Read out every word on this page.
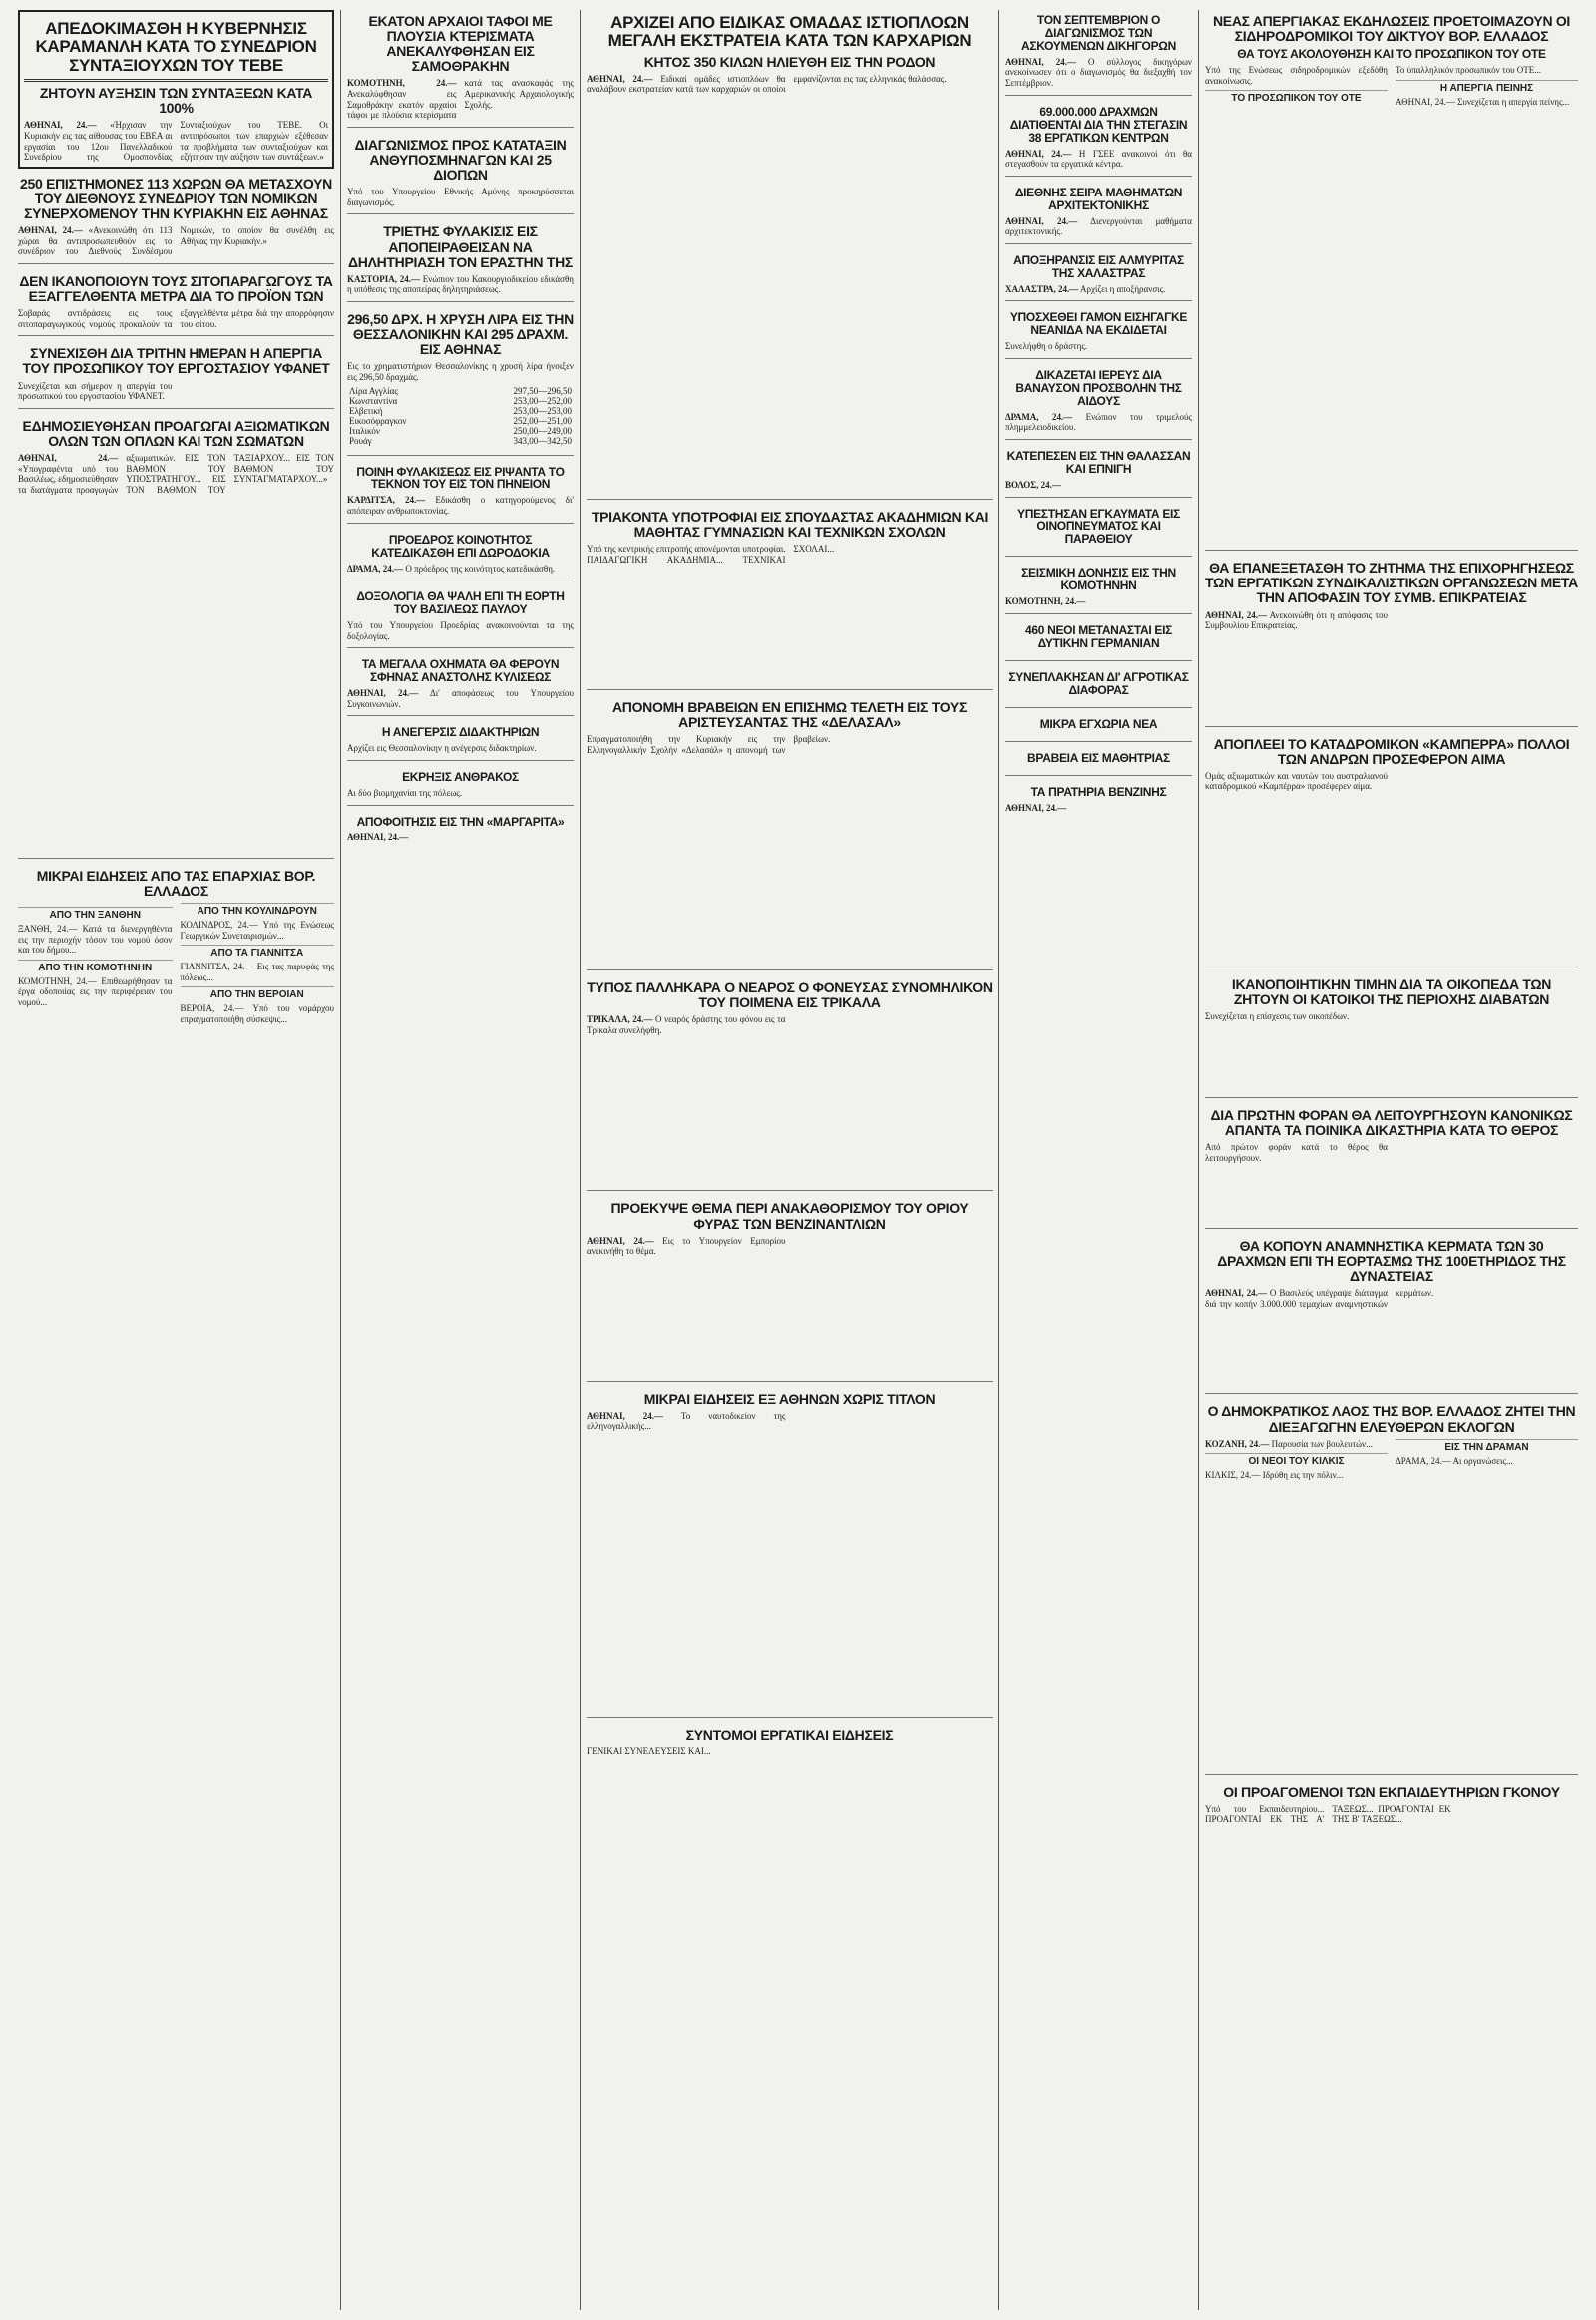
ΑΠΕΔΟΚΙΜΑΣΘΗ Η ΚΥΒΕΡΝΗΣΙΣ ΚΑΡΑΜΑΝΛΗ ΚΑΤΑ ΤΟ ΣΥΝΕΔΡΙΟΝ ΣΥΝΤΑΞΙΟΥΧΩΝ ΤΟΥ ΤΕΒΕ
ΖΗΤΟΥΝ ΑΥΞΗΣΙΝ ΤΩΝ ΣΥΝΤΑΞΕΩΝ ΚΑΤΑ 100%
ΑΘΗΝΑΙ, 24.— «Ήρχισαν την Κυριακήν εις τας αίθουσας του ΕΒΕΑ αι εργασίαι του 12ου Πανελλαδικού Συνεδρίου της Ομοσπονδίας Συνταξιούχων του ΤΕΒΕ. Οι αντιπρόσωποι των επαρχιών εξέθεσαν τα προβλήματα των συνταξιούχων και εζήτησαν την αύξησιν των συντάξεων.»
250 ΕΠΙΣΤΗΜΟΝΕΣ 113 ΧΩΡΩΝ ΘΑ ΜΕΤΑΣΧΟΥΝ ΤΟΥ ΔΙΕΘΝΟΥΣ ΣΥΝΕΔΡΙΟΥ ΤΩΝ ΝΟΜΙΚΩΝ ΣΥΝΕΡΧΟΜΕΝΟΥ ΤΗΝ ΚΥΡΙΑΚΗΝ ΕΙΣ ΑΘΗΝΑΣ
ΑΘΗΝΑΙ, 24.— «Ανεκοινώθη ότι 113 χώραι θα αντιπροσωπευθούν εις το συνέδριον του Διεθνούς Συνδέσμου Νομικών, το οποίον θα συνέλθη εις Αθήνας την Κυριακήν.»
ΔΕΝ ΙΚΑΝΟΠΟΙΟΥΝ ΤΟΥΣ ΣΙΤΟΠΑΡΑΓΩΓΟΥΣ ΤΑ ΕΞΑΓΓΕΛΘΕΝΤΑ ΜΕΤΡΑ ΔΙΑ ΤΟ ΠΡΟΪΟΝ ΤΩΝ
Σοβαράς αντιδράσεις εις τους σιτοπαραγωγικούς νομούς προκαλούν τα εξαγγελθέντα μέτρα διά την απορρόφησιν του σίτου.
ΣΥΝΕΧΙΣΘΗ ΔΙΑ ΤΡΙΤΗΝ ΗΜΕΡΑΝ Η ΑΠΕΡΓΙΑ ΤΟΥ ΠΡΟΣΩΠΙΚΟΥ ΤΟΥ ΕΡΓΟΣΤΑΣΙΟΥ ΥΦΑΝΕΤ
Συνεχίζεται και σήμερον η απεργία του προσωπικού του εργοστασίου ΥΦΑΝΕΤ.
ΕΔΗΜΟΣΙΕΥΘΗΣΑΝ ΠΡΟΑΓΩΓΑΙ ΑΞΙΩΜΑΤΙΚΩΝ ΟΛΩΝ ΤΩΝ ΟΠΛΩΝ ΚΑΙ ΤΩΝ ΣΩΜΑΤΩΝ
ΑΘΗΝΑΙ, 24.— «Υπογραφέντα υπό του Βασιλέως, εδημοσιεύθησαν τα διατάγματα προαγωγών αξιωματικών. ΕΙΣ ΤΟΝ ΒΑΘΜΟΝ ΤΟΥ ΥΠΟΣΤΡΑΤΗΓΟΥ... ΕΙΣ ΤΟΝ ΒΑΘΜΟΝ ΤΟΥ ΤΑΞΙΑΡΧΟΥ... ΕΙΣ ΤΟΝ ΒΑΘΜΟΝ ΤΟΥ ΣΥΝΤΑΓΜΑΤΑΡΧΟΥ...»
ΜΙΚΡΑΙ ΕΙΔΗΣΕΙΣ ΑΠΟ ΤΑΣ ΕΠΑΡΧΙΑΣ ΒΟΡ. ΕΛΛΑΔΟΣ
ΑΠΟ ΤΗΝ ΞΑΝΘΗΝ
ΞΑΝΘΗ, 24.— Κατά τα διενεργηθέντα εις την περιοχήν τόσον του νομού όσον και του δήμου...
ΑΠΟ ΤΗΝ ΚΟΜΟΤΗΝΗΝ
ΚΟΜΟΤΗΝΗ, 24.— Επιθεωρήθησαν τα έργα οδοποιίας εις την περιφέρειαν του νομού...
ΑΠΟ ΤΗΝ ΚΟΥΛΙΝΔΡΟΥΝ
ΚΟΛΙΝΔΡΟΣ, 24.— Υπό της Ενώσεως Γεωργικών Συνεταιρισμών...
ΑΠΟ ΤΑ ΓΙΑΝΝΙΤΣΑ
ΓΙΑΝΝΙΤΣΑ, 24.— Εις τας παρυφάς της πόλεως...
ΑΠΟ ΤΗΝ ΒΕΡΟΙΑΝ
ΒΕΡΟΙΑ, 24.— Υπό του νομάρχου επραγματοποιήθη σύσκεψις...
ΕΚΑΤΟΝ ΑΡΧΑΙΟΙ ΤΑΦΟΙ ΜΕ ΠΛΟΥΣΙΑ ΚΤΕΡΙΣΜΑΤΑ ΑΝΕΚΑΛΥΦΘΗΣΑΝ ΕΙΣ ΣΑΜΟΘΡΑΚΗΝ
ΚΟΜΟΤΗΝΗ, 24.— Ανεκαλύφθησαν εις Σαμοθράκην εκατόν αρχαίοι τάφοι με πλούσια κτερίσματα κατά τας ανασκαφάς της Αμερικανικής Αρχαιολογικής Σχολής.
ΔΙΑΓΩΝΙΣΜΟΣ ΠΡΟΣ ΚΑΤΑΤΑΞΙΝ ΑΝΘΥΠΟΣΜΗΝΑΓΩΝ ΚΑΙ 25 ΔΙΟΠΩΝ
Υπό του Υπουργείου Εθνικής Αμύνης προκηρύσσεται διαγωνισμός.
ΤΡΙΕΤΗΣ ΦΥΛΑΚΙΣΙΣ ΕΙΣ ΑΠΟΠΕΙΡΑΘΕΙΣΑΝ ΝΑ ΔΗΛΗΤΗΡΙΑΣΗ ΤΟΝ ΕΡΑΣΤΗΝ ΤΗΣ
ΚΑΣΤΟΡΙΑ, 24.— Ενώπιον του Κακουργιοδικείου εδικάσθη η υπόθεσις της αποπείρας δηλητηριάσεως.
296,50 ΔΡΧ. Η ΧΡΥΣΗ ΛΙΡΑ ΕΙΣ ΤΗΝ ΘΕΣΣΑΛΟΝΙΚΗΝ ΚΑΙ 295 ΔΡΑΧΜ. ΕΙΣ ΑΘΗΝΑΣ
Εις το χρηματιστήριον Θεσσαλονίκης η χρυσή λίρα ήνοιξεν εις 296,50 δραχμάς.
Λίρα Αγγλίας	297,50—296,50
Κωνσταντίνα	253,00—252,00
Ελβετική	253,00—253,00
Εικοσόφραγκον	252,00—251,00
Ιταλικόν	250,00—249,00
Ρουάγ	343,00—342,50
ΠΟΙΝΗ ΦΥΛΑΚΙΣΕΩΣ ΕΙΣ ΡΙΨΑΝΤΑ ΤΟ ΤΕΚΝΟΝ ΤΟΥ ΕΙΣ ΤΟΝ ΠΗΝΕΙΟΝ
ΚΑΡΔΙΤΣΑ, 24.— Εδικάσθη ο κατηγορούμενος δι' απόπειραν ανθρωποκτονίας.
ΠΡΟΕΔΡΟΣ ΚΟΙΝΟΤΗΤΟΣ ΚΑΤΕΔΙΚΑΣΘΗ ΕΠΙ ΔΩΡΟΔΟΚΙΑ
ΔΡΑΜΑ, 24.— Ο πρόεδρος της κοινότητος κατεδικάσθη.
ΔΟΞΟΛΟΓΙΑ ΘΑ ΨΑΛΗ ΕΠΙ ΤΗ ΕΟΡΤΗ ΤΟΥ ΒΑΣΙΛΕΩΣ ΠΑΥΛΟΥ
Υπό του Υπουργείου Προεδρίας ανακοινούνται τα της δοξολογίας.
ΤΑ ΜΕΓΑΛΑ ΟΧΗΜΑΤΑ ΘΑ ΦΕΡΟΥΝ ΣΦΗΝΑΣ ΑΝΑΣΤΟΛΗΣ ΚΥΛΙΣΕΩΣ
ΑΘΗΝΑΙ, 24.— Δι' αποφάσεως του Υπουργείου Συγκοινωνιών.
Η ΑΝΕΓΕΡΣΙΣ ΔΙΔΑΚΤΗΡΙΩΝ
Αρχίζει εις Θεσσαλονίκην η ανέγερσις διδακτηρίων.
ΕΚΡΗΞΙΣ ΑΝΘΡΑΚΟΣ
Αι δύο βιομηχανίαι της πόλεως.
ΑΠΟΦΟΙΤΗΣΙΣ ΕΙΣ ΤΗΝ «ΜΑΡΓΑΡΙΤΑ»
ΑΘΗΝΑΙ, 24.—
ΑΡΧΙΖΕΙ ΑΠΟ ΕΙΔΙΚΑΣ ΟΜΑΔΑΣ ΙΣΤΙΟΠΛΟΩΝ ΜΕΓΑΛΗ ΕΚΣΤΡΑΤΕΙΑ ΚΑΤΑ ΤΩΝ ΚΑΡΧΑΡΙΩΝ
ΚΗΤΟΣ 350 ΚΙΛΩΝ ΗΛΙΕΥΘΗ ΕΙΣ ΤΗΝ ΡΟΔΟΝ
ΑΘΗΝΑΙ, 24.— Ειδικαί ομάδες ιστιοπλόων θα αναλάβουν εκστρατείαν κατά των καρχαριών οι οποίοι εμφανίζονται εις τας ελληνικάς θαλάσσας.
ΤΡΙΑΚΟΝΤΑ ΥΠΟΤΡΟΦΙΑΙ ΕΙΣ ΣΠΟΥΔΑΣΤΑΣ ΑΚΑΔΗΜΙΩΝ ΚΑΙ ΜΑΘΗΤΑΣ ΓΥΜΝΑΣΙΩΝ ΚΑΙ ΤΕΧΝΙΚΩΝ ΣΧΟΛΩΝ
Υπό της κεντρικής επιτροπής απονέμονται υποτροφίαι. ΠΑΙΔΑΓΩΓΙΚΗ ΑΚΑΔΗΜΙΑ... ΤΕΧΝΙΚΑΙ ΣΧΟΛΑΙ...
ΑΠΟΝΟΜΗ ΒΡΑΒΕΙΩΝ ΕΝ ΕΠΙΣΗΜΩ ΤΕΛΕΤΗ ΕΙΣ ΤΟΥΣ ΑΡΙΣΤΕΥΣΑΝΤΑΣ ΤΗΣ «ΔΕΛΑΣΑΛ»
Επραγματοποιήθη την Κυριακήν εις την Ελληνογαλλικήν Σχολήν «Δελασάλ» η απονομή των βραβείων.
ΤΥΠΟΣ ΠΑΛΛΗΚΑΡΑ Ο ΝΕΑΡΟΣ Ο ΦΟΝΕΥΣΑΣ ΣΥΝΟΜΗΛΙΚΟΝ ΤΟΥ ΠΟΙΜΕΝΑ ΕΙΣ ΤΡΙΚΑΛΑ
ΤΡΙΚΑΛΑ, 24.— Ο νεαρός δράστης του φόνου εις τα Τρίκαλα συνελήφθη.
ΠΡΟΕΚΥΨΕ ΘΕΜΑ ΠΕΡΙ ΑΝΑΚΑΘΟΡΙΣΜΟΥ ΤΟΥ ΟΡΙΟΥ ΦΥΡΑΣ ΤΩΝ ΒΕΝΖΙΝΑΝΤΛΙΩΝ
ΑΘΗΝΑΙ, 24.— Εις το Υπουργείον Εμπορίου ανεκινήθη το θέμα.
ΜΙΚΡΑΙ ΕΙΔΗΣΕΙΣ ΕΞ ΑΘΗΝΩΝ ΧΩΡΙΣ ΤΙΤΛΟΝ
ΑΘΗΝΑΙ, 24.— Το ναυτοδικείον της ελληνογαλλικής...
ΣΥΝΤΟΜΟΙ ΕΡΓΑΤΙΚΑΙ ΕΙΔΗΣΕΙΣ
ΓΕΝΙΚΑΙ ΣΥΝΕΛΕΥΣΕΙΣ ΚΑΙ...
ΤΟΝ ΣΕΠΤΕΜΒΡΙΟΝ Ο ΔΙΑΓΩΝΙΣΜΟΣ ΤΩΝ ΑΣΚΟΥΜΕΝΩΝ ΔΙΚΗΓΟΡΩΝ
ΑΘΗΝΑΙ, 24.— Ο σύλλογος δικηγόρων ανεκοίνωσεν ότι ο διαγωνισμός θα διεξαχθή τον Σεπτέμβριον.
69.000.000 ΔΡΑΧΜΩΝ ΔΙΑΤΙΘΕΝΤΑΙ ΔΙΑ ΤΗΝ ΣΤΕΓΑΣΙΝ 38 ΕΡΓΑΤΙΚΩΝ ΚΕΝΤΡΩΝ
ΑΘΗΝΑΙ, 24.— Η ΓΣΕΕ ανακοινοί ότι θα στεγασθούν τα εργατικά κέντρα.
ΔΙΕΘΝΗΣ ΣΕΙΡΑ ΜΑΘΗΜΑΤΩΝ ΑΡΧΙΤΕΚΤΟΝΙΚΗΣ
ΑΘΗΝΑΙ, 24.— Διενεργούνται μαθήματα αρχιτεκτονικής.
ΑΠΟΞΗΡΑΝΣΙΣ ΕΙΣ ΑΛΜΥΡΙΤΑΣ ΤΗΣ ΧΑΛΑΣΤΡΑΣ
ΧΑΛΑΣΤΡΑ, 24.— Αρχίζει η αποξήρανσις.
ΥΠΟΣΧΕΘΕΙ ΓΑΜΟΝ ΕΙΣΗΓΑΓΚΕ ΝΕΑΝΙΔΑ ΝΑ ΕΚΔΙΔΕΤΑΙ
Συνελήφθη ο δράστης.
ΔΙΚΑΖΕΤΑΙ ΙΕΡΕΥΣ ΔΙΑ ΒΑΝΑΥΣΟΝ ΠΡΟΣΒΟΛΗΝ ΤΗΣ ΑΙΔΟΥΣ
ΔΡΑΜΑ, 24.— Ενώπιον του τριμελούς πλημμελειοδικείου.
ΚΑΤΕΠΕΣΕΝ ΕΙΣ ΤΗΝ ΘΑΛΑΣΣΑΝ ΚΑΙ ΕΠΝΙΓΗ
ΒΟΛΟΣ, 24.—
ΥΠΕΣΤΗΣΑΝ ΕΓΚΑΥΜΑΤΑ ΕΙΣ ΟΙΝΟΠΝΕΥΜΑΤΟΣ ΚΑΙ ΠΑΡΑΘΕΙΟΥ
ΣΕΙΣΜΙΚΗ ΔΟΝΗΣΙΣ ΕΙΣ ΤΗΝ ΚΟΜΟΤΗΝΗΝ
ΚΟΜΟΤΗΝΗ, 24.—
460 ΝΕΟΙ ΜΕΤΑΝΑΣΤΑΙ ΕΙΣ ΔΥΤΙΚΗΝ ΓΕΡΜΑΝΙΑΝ
ΣΥΝΕΠΛΑΚΗΣΑΝ ΔΙ' ΑΓΡΟΤΙΚΑΣ ΔΙΑΦΟΡΑΣ
ΜΙΚΡΑ ΕΓΧΩΡΙΑ ΝΕΑ
ΒΡΑΒΕΙΑ ΕΙΣ ΜΑΘΗΤΡΙΑΣ
ΤΑ ΠΡΑΤΗΡΙΑ ΒΕΝΖΙΝΗΣ
ΑΘΗΝΑΙ, 24.—
ΝΕΑΣ ΑΠΕΡΓΙΑΚΑΣ ΕΚΔΗΛΩΣΕΙΣ ΠΡΟΕΤΟΙΜΑΖΟΥΝ ΟΙ ΣΙΔΗΡΟΔΡΟΜΙΚΟΙ ΤΟΥ ΔΙΚΤΥΟΥ ΒΟΡ. ΕΛΛΑΔΟΣ
ΘΑ ΤΟΥΣ ΑΚΟΛΟΥΘΗΣΗ ΚΑΙ ΤΟ ΠΡΟΣΩΠΙΚΟΝ ΤΟΥ ΟΤΕ
Υπό της Ενώσεως σιδηροδρομικών εξεδόθη ανακοίνωσις.
ΤΟ ΠΡΟΣΩΠΙΚΟΝ ΤΟΥ ΟΤΕ
Το ύπαλληλικόν προσωπικόν του ΟΤΕ...
Η ΑΠΕΡΓΙΑ ΠΕΙΝΗΣ
ΑΘΗΝΑΙ, 24.— Συνεχίζεται η απεργία πείνης...
ΘΑ ΕΠΑΝΕΞΕΤΑΣΘΗ ΤΟ ΖΗΤΗΜΑ ΤΗΣ ΕΠΙΧΟΡΗΓΗΣΕΩΣ ΤΩΝ ΕΡΓΑΤΙΚΩΝ ΣΥΝΔΙΚΑΛΙΣΤΙΚΩΝ ΟΡΓΑΝΩΣΕΩΝ ΜΕΤΑ ΤΗΝ ΑΠΟΦΑΣΙΝ ΤΟΥ ΣΥΜΒ. ΕΠΙΚΡΑΤΕΙΑΣ
ΑΘΗΝΑΙ, 24.— Ανεκοινώθη ότι η απόφασις του Συμβουλίου Επικρατείας.
ΑΠΟΠΛΕΕΙ ΤΟ ΚΑΤΑΔΡΟΜΙΚΟΝ «ΚΑΜΠΕΡΡΑ» ΠΟΛΛΟΙ ΤΩΝ ΑΝΔΡΩΝ ΠΡΟΣΕΦΕΡΟΝ ΑΙΜΑ
Ομάς αξιωματικών και ναυτών του αυστραλιανού καταδρομικού «Καμπέρρα» προσέφερεν αίμα.
ΙΚΑΝΟΠΟΙΗΤΙΚΗΝ ΤΙΜΗΝ ΔΙΑ ΤΑ ΟΙΚΟΠΕΔΑ ΤΩΝ ΖΗΤΟΥΝ ΟΙ ΚΑΤΟΙΚΟΙ ΤΗΣ ΠΕΡΙΟΧΗΣ ΔΙΑΒΑΤΩΝ
Συνεχίζεται η επίσχεσις των οικοπέδων.
ΔΙΑ ΠΡΩΤΗΝ ΦΟΡΑΝ ΘΑ ΛΕΙΤΟΥΡΓΗΣΟΥΝ ΚΑΝΟΝΙΚΩΣ ΑΠΑΝΤΑ ΤΑ ΠΟΙΝΙΚΑ ΔΙΚΑΣΤΗΡΙΑ ΚΑΤΑ ΤΟ ΘΕΡΟΣ
Από πρώτον φοράν κατά το θέρος θα λειτουργήσουν.
ΘΑ ΚΟΠΟΥΝ ΑΝΑΜΝΗΣΤΙΚΑ ΚΕΡΜΑΤΑ ΤΩΝ 30 ΔΡΑΧΜΩΝ ΕΠΙ ΤΗ ΕΟΡΤΑΣΜΩ ΤΗΣ 100ΕΤΗΡΙΔΟΣ ΤΗΣ ΔΥΝΑΣΤΕΙΑΣ
ΑΘΗΝΑΙ, 24.— Ο Βασιλεύς υπέγραψε διάταγμα διά την κοπήν 3.000.000 τεμαχίων αναμνηστικών κερμάτων.
Ο ΔΗΜΟΚΡΑΤΙΚΟΣ ΛΑΟΣ ΤΗΣ ΒΟΡ. ΕΛΛΑΔΟΣ ΖΗΤΕΙ ΤΗΝ ΔΙΕΞΑΓΩΓΗΝ ΕΛΕΥΘΕΡΩΝ ΕΚΛΟΓΩΝ
ΚΟΖΑΝΗ, 24.— Παρουσία των βουλευτών...
ΟΙ ΝΕΟΙ ΤΟΥ ΚΙΛΚΙΣ
ΚΙΛΚΙΣ, 24.— Ιδρύθη εις την πόλιν...
ΕΙΣ ΤΗΝ ΔΡΑΜΑΝ
ΔΡΑΜΑ, 24.— Αι οργανώσεις...
ΟΙ ΠΡΟΑΓΟΜΕΝΟΙ ΤΩΝ ΕΚΠΑΙΔΕΥΤΗΡΙΩΝ ΓΚΟΝΟΥ
Υπό του Εκπαιδευτηρίου... ΠΡΟΑΓΟΝΤΑΙ ΕΚ ΤΗΣ Α' ΤΑΞΕΩΣ... ΠΡΟΑΓΟΝΤΑΙ ΕΚ ΤΗΣ Β' ΤΑΞΕΩΣ...
